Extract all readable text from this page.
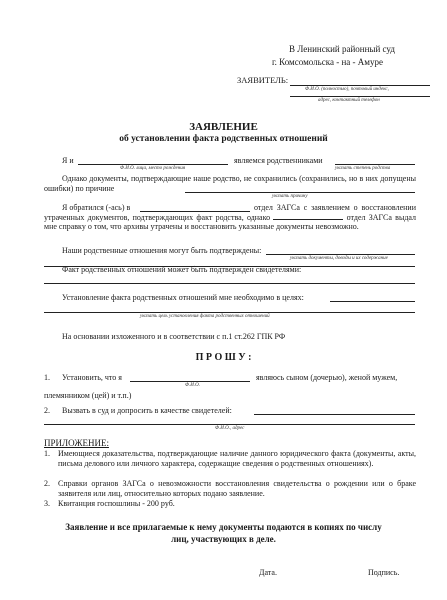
В Ленинский районный суд
г. Комсомольска - на - Амуре
ЗАЯВИТЕЛЬ:
Ф.И.О. (полностью), почтовый индекс,
адрес, контактный телефон
ЗАЯВЛЕНИЕ
об установлении факта родственных отношений
Я и	являемся родственниками
Ф.И.О. лица, место рождения	указать степень родства
Однако документы, подтверждающие наше родство, не сохранились (сохранились, но в них допущены ошибки) по причине
указать причину
Я обратился (-ась) в	отдел ЗАГСа с заявлением о восстановлении утраченных документов, подтверждающих факт родства, однако	отдел ЗАГСа выдал мне справку о том, что архивы утрачены и восстановить указанные документы невозможно.
Наши родственные отношения могут быть подтверждены:
указать документы, доводы и их содержание
Факт родственных отношений может быть подтвержден свидетелями:
Установление факта родственных отношений мне необходимо в целях:
указать цель установления факта родственных отношений
На основании изложенного и в соответствии с п.1 ст.262 ГПК РФ
П Р О Ш У :
1. Установить, что я	являюсь сыном (дочерью), женой мужем,
Ф.И.О.
племянником (цей) и т.п.)
2. Вызвать в суд и допросить в качестве свидетелей:
Ф.И.О., адрес
ПРИЛОЖЕНИЕ:
1. Имеющиеся доказательства, подтверждающие наличие данного юридического факта (документы, акты, письма делового или личного характера, содержащие сведения о родственных отношениях).
2. Справки органов ЗАГСа о невозможности восстановления свидетельства о рождении или о браке заявителя или лиц, относительно которых подано заявление.
3. Квитанция госпошлины - 200 руб.
Заявление и все прилагаемые к нему документы подаются в копиях по числу
лиц, участвующих в деле.
Дата.	Подпись.
